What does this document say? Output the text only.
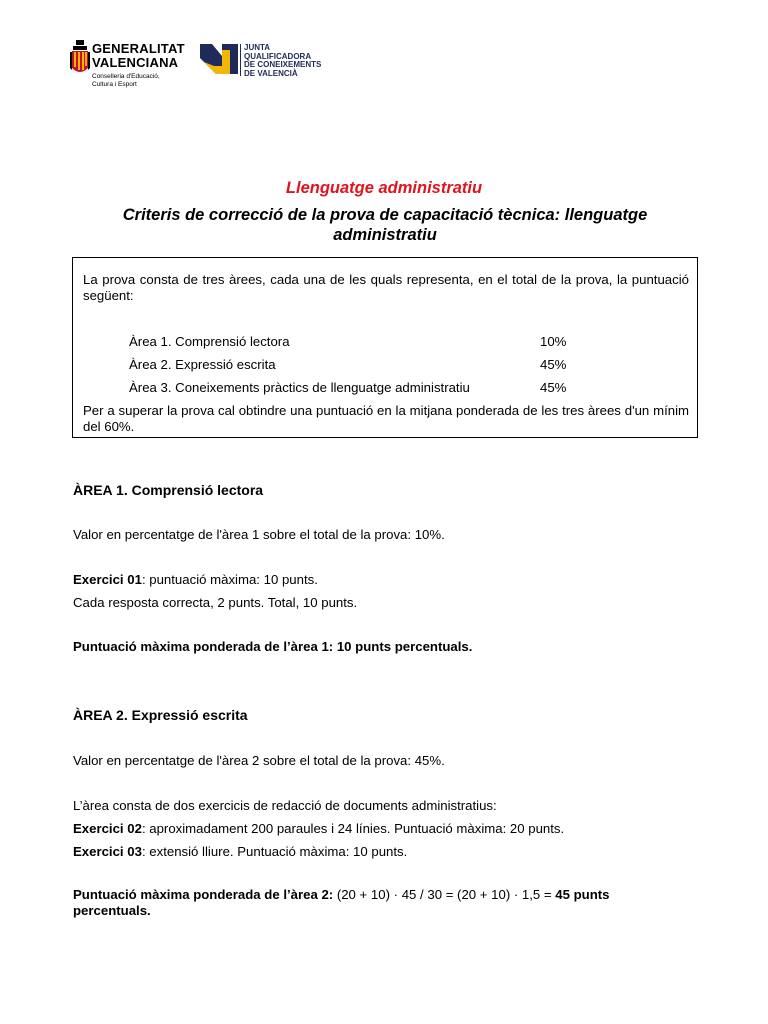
GENERALITAT
VALENCIANA
Conselleria d'Educació,
Cultura i Esport
JUNTA
QUALIFICADORA
DE CONEIXEMENTS
DE VALENCIÀ
Llenguatge administratiu
Criteris de correcció de la prova de capacitació tècnica: llenguatge administratiu
La prova consta de tres àrees, cada una de les quals representa, en el total de la prova, la puntuació següent:
Àrea 1. Comprensió lectora	10%
Àrea 2. Expressió escrita	45%
Àrea 3. Coneixements pràctics de llenguatge administratiu	45%
Per a superar la prova cal obtindre una puntuació en la mitjana ponderada de les tres àrees d'un mínim del 60%.
ÀREA 1. Comprensió lectora
Valor en percentatge de l'àrea 1 sobre el total de la prova: 10%.
Exercici 01: puntuació màxima: 10 punts.
Cada resposta correcta, 2 punts. Total, 10 punts.
Puntuació màxima ponderada de l’àrea 1: 10 punts percentuals.
ÀREA 2. Expressió escrita
Valor en percentatge de l'àrea 2 sobre el total de la prova: 45%.
L’àrea consta de dos exercicis de redacció de documents administratius:
Exercici 02: aproximadament 200 paraules i 24 línies. Puntuació màxima: 20 punts.
Exercici 03: extensió lliure. Puntuació màxima: 10 punts.
Puntuació màxima ponderada de l’àrea 2: (20 + 10) · 45 / 30 = (20 + 10) · 1,5 = 45 punts percentuals.
